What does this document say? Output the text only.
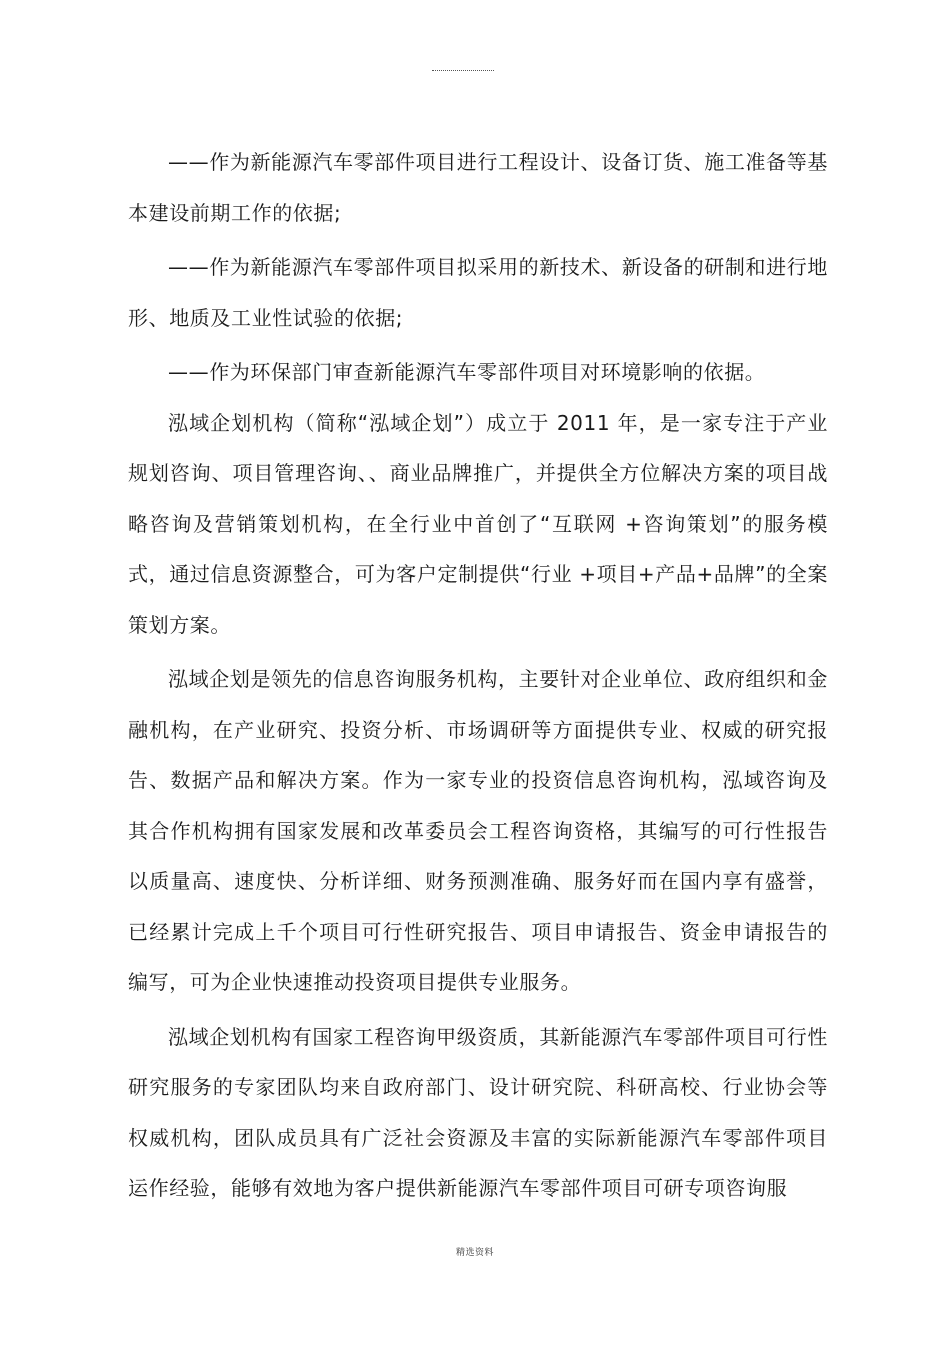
——作为新能源汽车零部件项目进行工程设计、设备订货、施工准备等基本建设前期工作的依据;

——作为新能源汽车零部件项目拟采用的新技术、新设备的研制和进行地形、地质及工业性试验的依据;

——作为环保部门审查新能源汽车零部件项目对环境影响的依据。

泓域企划机构（简称“泓域企划”）成立于 2011 年，是一家专注于产业规划咨询、项目管理咨询、、商业品牌推广，并提供全方位解决方案的项目战略咨询及营销策划机构，在全行业中首创了“互联网 +咨询策划”的服务模式，通过信息资源整合，可为客户定制提供“行业 +项目+产品+品牌”的全案策划方案。

泓域企划是领先的信息咨询服务机构，主要针对企业单位、政府组织和金融机构，在产业研究、投资分析、市场调研等方面提供专业、权威的研究报告、数据产品和解决方案。作为一家专业的投资信息咨询机构，泓域咨询及其合作机构拥有国家发展和改革委员会工程咨询资格，其编写的可行性报告以质量高、速度快、分析详细、财务预测准确、服务好而在国内享有盛誉，已经累计完成上千个项目可行性研究报告、项目申请报告、资金申请报告的编写，可为企业快速推动投资项目提供专业服务。

泓域企划机构有国家工程咨询甲级资质，其新能源汽车零部件项目可行性研究服务的专家团队均来自政府部门、设计研究院、科研高校、行业协会等权威机构，团队成员具有广泛社会资源及丰富的实际新能源汽车零部件项目运作经验，能够有效地为客户提供新能源汽车零部件项目可研专项咨询服

精选资料
